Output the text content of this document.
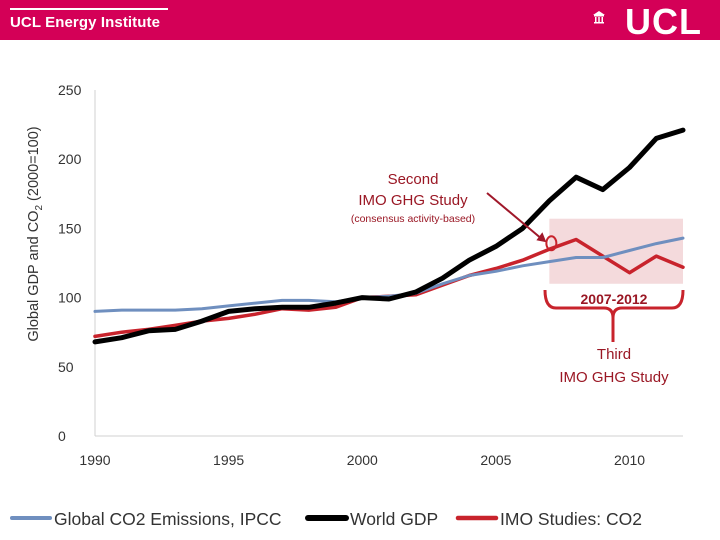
UCL Energy Institute	UCL
Global GDP and $CO_2$ (2000=100)
0
50
100
150
200
250
1990	1995	2000	2005	2010
Second
IMO GHG Study
(consensus activity-based)
2007-2012
Third
IMO GHG Study
Global CO2 Emissions, IPCC	World GDP	IMO Studies: CO2
